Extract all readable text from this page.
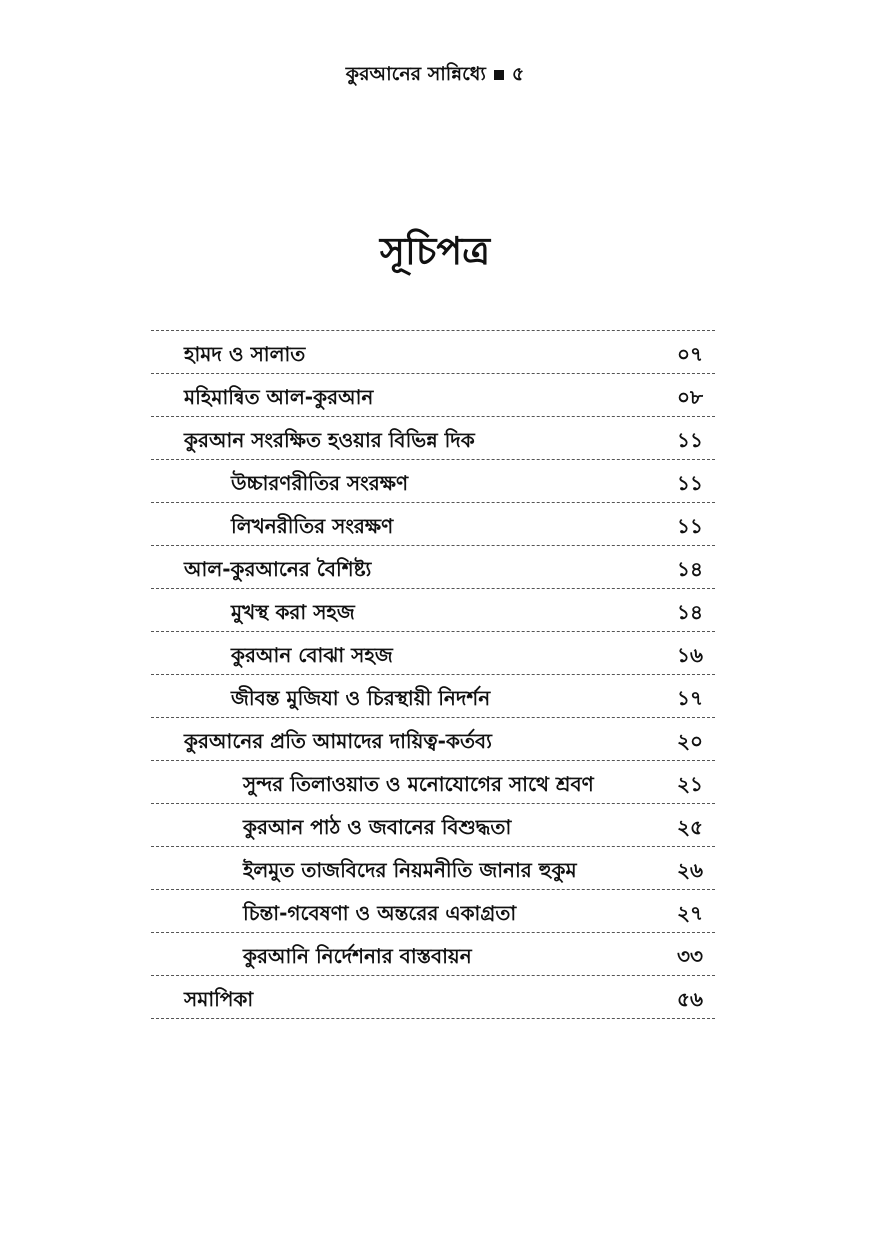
কুরআনের সান্নিধ্যে ৫
সূচিপত্র
হামদ ও সালাত	০৭
মহিমান্বিত আল-কুরআন	০৮
কুরআন সংরক্ষিত হওয়ার বিভিন্ন দিক	১১
উচ্চারণরীতির সংরক্ষণ	১১
লিখনরীতির সংরক্ষণ	১১
আল-কুরআনের বৈশিষ্ট্য	১৪
মুখস্থ করা সহজ	১৪
কুরআন বোঝা সহজ	১৬
জীবন্ত মুজিযা ও চিরস্থায়ী নিদর্শন	১৭
কুরআনের প্রতি আমাদের দায়িত্ব-কর্তব্য	২০
সুন্দর তিলাওয়াত ও মনোযোগের সাথে শ্রবণ	২১
কুরআন পাঠ ও জবানের বিশুদ্ধতা	২৫
ইলমুত তাজবিদের নিয়মনীতি জানার হুকুম	২৬
চিন্তা-গবেষণা ও অন্তরের একাগ্রতা	২৭
কুরআনি নির্দেশনার বাস্তবায়ন	৩৩
সমাপিকা	৫৬
